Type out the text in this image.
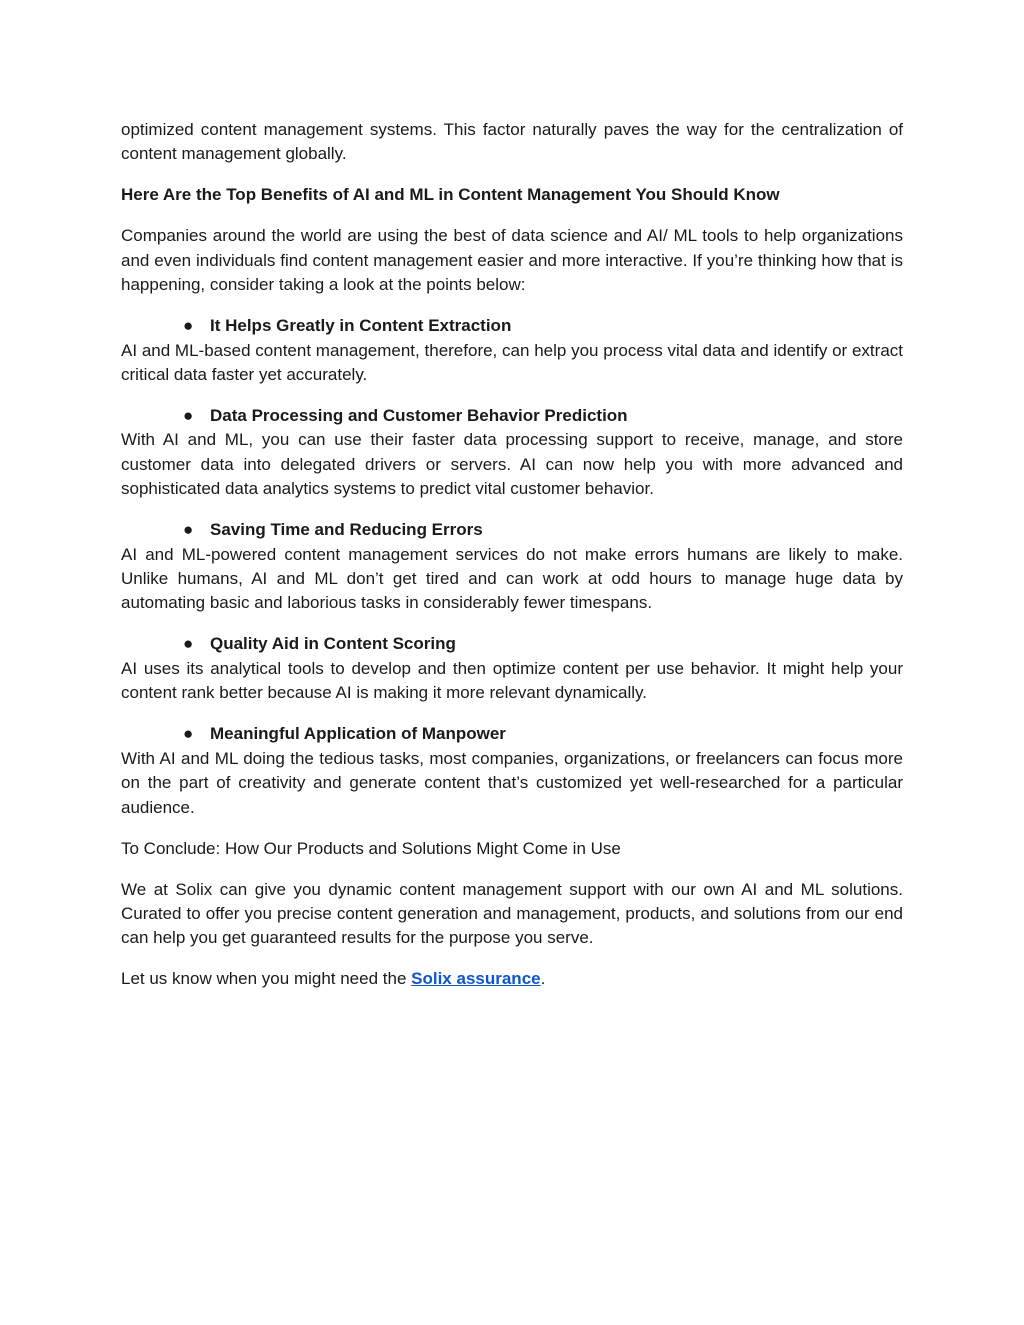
optimized content management systems. This factor naturally paves the way for the centralization of content management globally.

Here Are the Top Benefits of AI and ML in Content Management You Should Know

Companies around the world are using the best of data science and AI/ ML tools to help organizations and even individuals find content management easier and more interactive. If you’re thinking how that is happening, consider taking a look at the points below:

● It Helps Greatly in Content Extraction

AI and ML-based content management, therefore, can help you process vital data and identify or extract critical data faster yet accurately.

● Data Processing and Customer Behavior Prediction

With AI and ML, you can use their faster data processing support to receive, manage, and store customer data into delegated drivers or servers. AI can now help you with more advanced and sophisticated data analytics systems to predict vital customer behavior.

● Saving Time and Reducing Errors

AI and ML-powered content management services do not make errors humans are likely to make. Unlike humans, AI and ML don’t get tired and can work at odd hours to manage huge data by automating basic and laborious tasks in considerably fewer timespans.

● Quality Aid in Content Scoring

AI uses its analytical tools to develop and then optimize content per use behavior. It might help your content rank better because AI is making it more relevant dynamically.

● Meaningful Application of Manpower

With AI and ML doing the tedious tasks, most companies, organizations, or freelancers can focus more on the part of creativity and generate content that’s customized yet well-researched for a particular audience.

To Conclude: How Our Products and Solutions Might Come in Use

We at Solix can give you dynamic content management support with our own AI and ML solutions. Curated to offer you precise content generation and management, products, and solutions from our end can help you get guaranteed results for the purpose you serve.

Let us know when you might need the Solix assurance.
